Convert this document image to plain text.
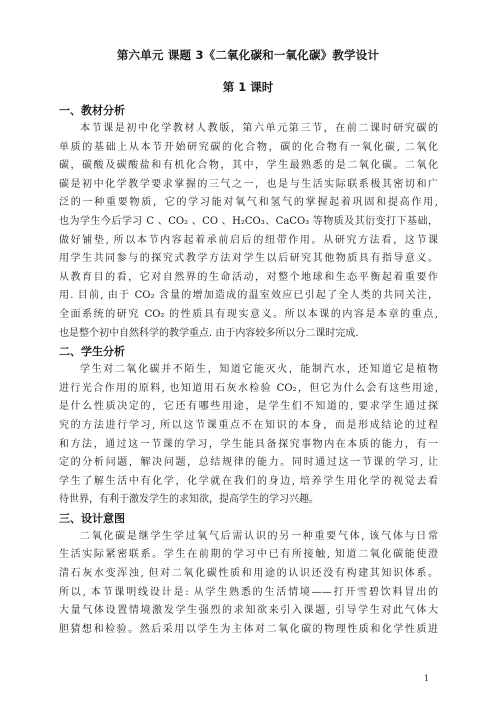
第六单元 课题 3《二氧化碳和一氧化碳》教学设计
第 1 课时
一、教材分析
本节课是初中化学教材人教版，第六单元第三节，在前二课时研究碳的
单质的基础上从本节开始研究碳的化合物，碳的化合物有一氧化碳, 二氧化
碳，碳酸及碳酸盐和有机化合物，其中，学生最熟悉的是二氧化碳。二氧化
碳是初中化学教学要求掌握的三气之一，也是与生活实际联系极其密切和广
泛的一种重要物质，它的学习能对氧气和氢气的掌握起着巩固和提高作用,
也为学生今后学习 C 、CO₂ 、CO 、H₂CO₃、CaCO₃ 等物质及其衍变打下基础，
做好铺垫, 所以本节内容起着承前启后的纽带作用。从研究方法看，这节课
用学生共同参与的探究式教学方法对学生以后研究其他物质具有指导意义。
从教育目的看，它对自然界的生命活动，对整个地球和生态平衡起着重要作
用. 目前, 由于 CO₂ 含量的增加造成的温室效应已引起了全人类的共同关注，
全面系统的研究 CO₂ 的性质具有现实意义。所以本课的内容是本章的重点,
也是整个初中自然科学的教学重点. 由于内容较多所以分二课时完成.
二、学生分析
学生对二氧化碳并不陌生，知道它能灭火，能制汽水，还知道它是植物
进行光合作用的原料, 也知道用石灰水检验 CO₂，但它为什么会有这些用途,
是什么性质决定的，它还有哪些用途，是学生们不知道的, 要求学生通过探
究的方法进行学习, 所以这节课重点不在知识的本身，而是形成结论的过程
和方法，通过这一节课的学习，学生能具备探究事物内在本质的能力，有一
定的分析问题，解决问题，总结规律的能力。同时通过这一节课的学习, 让
学生了解生活中有化学，化学就在我们的身边, 培养学生用化学的视觉去看
待世界，有利于激发学生的求知欲，提高学生的学习兴趣。
三、设计意图
二氧化碳是继学生学过氧气后需认识的另一种重要气体, 该气体与日常
生活实际紧密联系。学生在前期的学习中已有所接触, 知道二氧化碳能使澄
清石灰水变浑浊, 但对二氧化碳性质和用途的认识还没有构建其知识体系。
所以, 本节课明线设计是: 从学生熟悉的生活情境——打开雪碧饮料冒出的
大量气体设置情境激发学生强烈的求知欲来引入课题, 引导学生对此气体大
胆猜想和检验。然后采用以学生为主体对二氧化碳的物理性质和化学性质进
1
